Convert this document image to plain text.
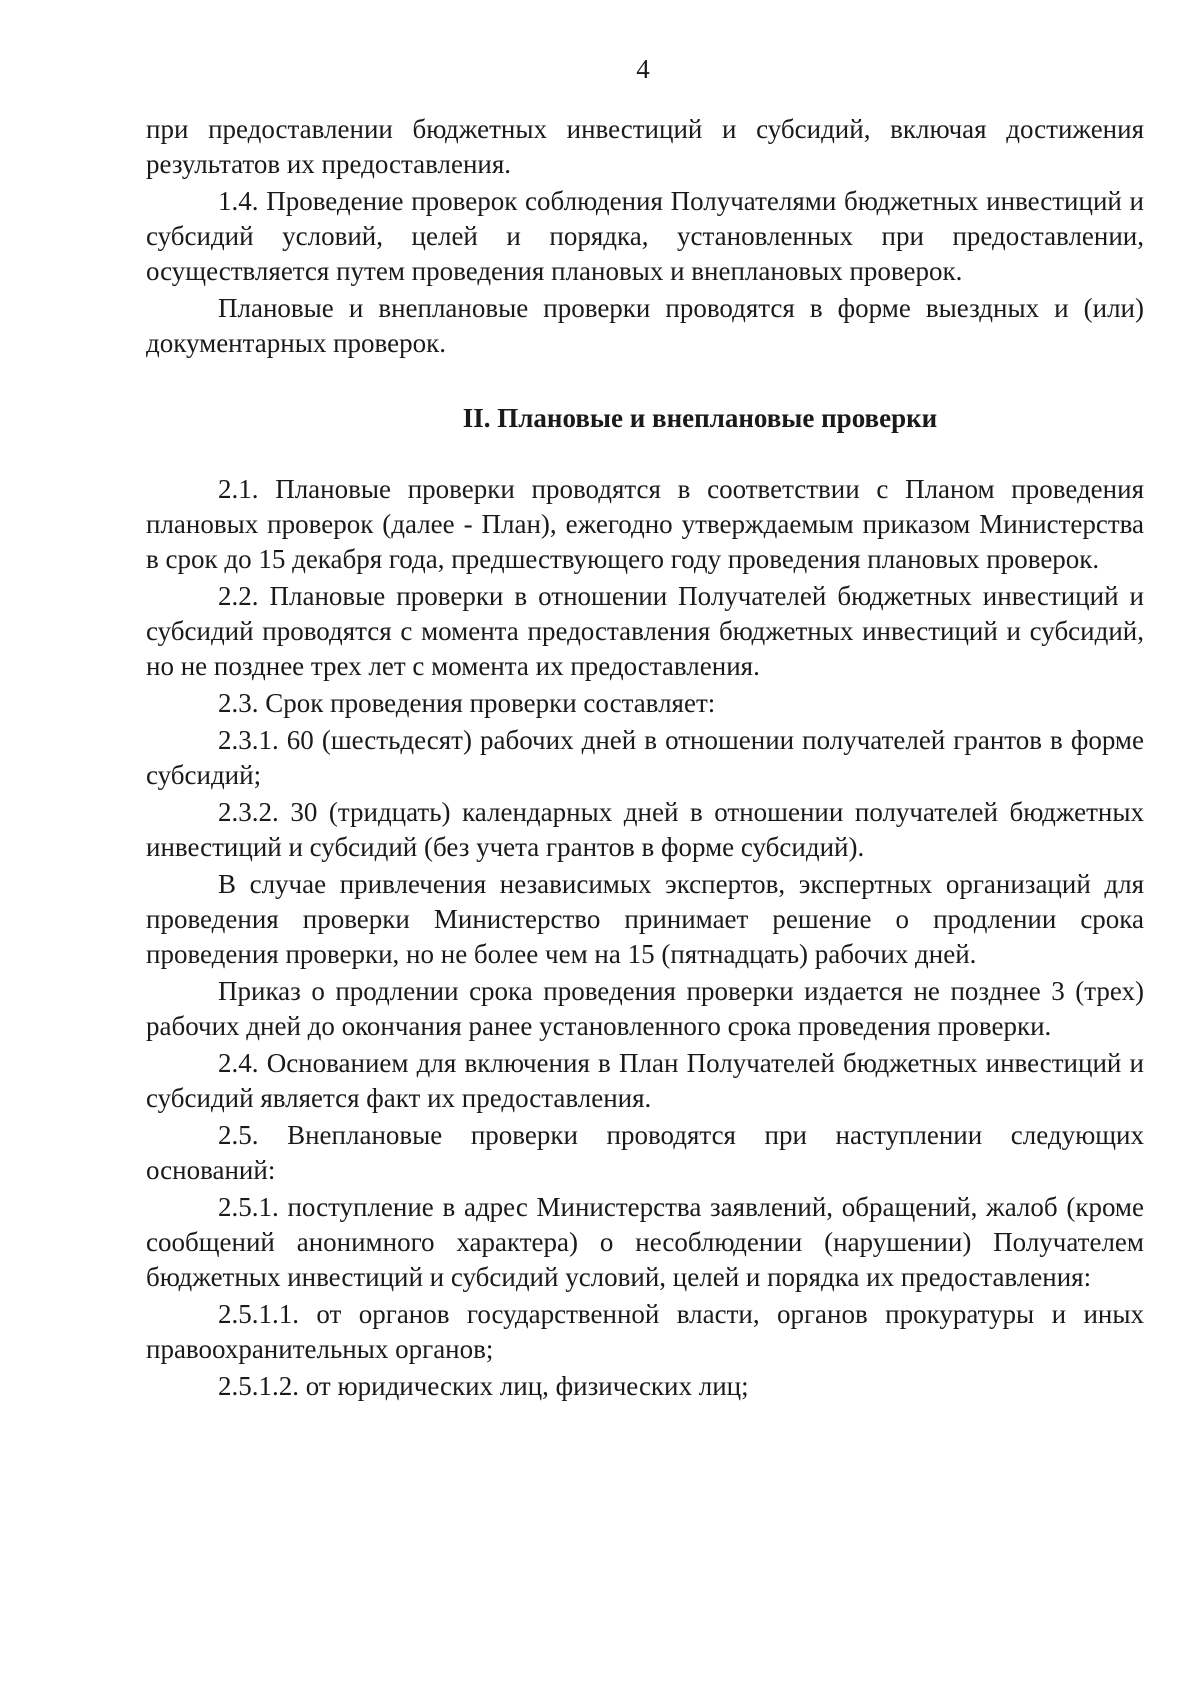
4

при предоставлении бюджетных инвестиций и субсидий, включая достижения результатов их предоставления.

1.4. Проведение проверок соблюдения Получателями бюджетных инвестиций и субсидий условий, целей и порядка, установленных при предоставлении, осуществляется путем проведения плановых и внеплановых проверок.

Плановые и внеплановые проверки проводятся в форме выездных и (или) документарных проверок.

II. Плановые и внеплановые проверки

2.1. Плановые проверки проводятся в соответствии с Планом проведения плановых проверок (далее - План), ежегодно утверждаемым приказом Министерства в срок до 15 декабря года, предшествующего году проведения плановых проверок.

2.2. Плановые проверки в отношении Получателей бюджетных инвестиций и субсидий проводятся с момента предоставления бюджетных инвестиций и субсидий, но не позднее трех лет с момента их предоставления.

2.3. Срок проведения проверки составляет:

2.3.1. 60 (шестьдесят) рабочих дней в отношении получателей грантов в форме субсидий;

2.3.2. 30 (тридцать) календарных дней в отношении получателей бюджетных инвестиций и субсидий (без учета грантов в форме субсидий).

В случае привлечения независимых экспертов, экспертных организаций для проведения проверки Министерство принимает решение о продлении срока проведения проверки, но не более чем на 15 (пятнадцать) рабочих дней.

Приказ о продлении срока проведения проверки издается не позднее 3 (трех) рабочих дней до окончания ранее установленного срока проведения проверки.

2.4. Основанием для включения в План Получателей бюджетных инвестиций и субсидий является факт их предоставления.

2.5. Внеплановые проверки проводятся при наступлении следующих оснований:

2.5.1. поступление в адрес Министерства заявлений, обращений, жалоб (кроме сообщений анонимного характера) о несоблюдении (нарушении) Получателем бюджетных инвестиций и субсидий условий, целей и порядка их предоставления:

2.5.1.1. от органов государственной власти, органов прокуратуры и иных правоохранительных органов;

2.5.1.2. от юридических лиц, физических лиц;
